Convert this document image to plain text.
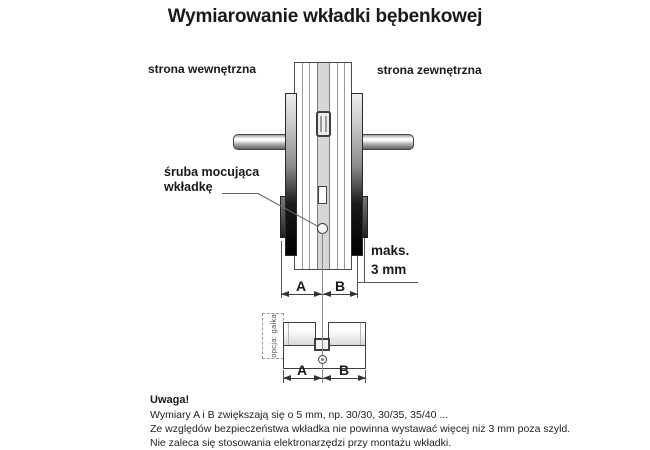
Wymiarowanie wkładki bębenkowej
strona wewnętrzna	strona zewnętrzna
śruba mocująca
wkładkę
maks.
3 mm
A B
opcja: gałka
A B
Uwaga!
Wymiary A i B zwiększają się o 5 mm, np. 30/30, 30/35, 35/40 ...
Ze względów bezpieczeństwa wkładka nie powinna wystawać więcej niż 3 mm poza szyld.
Nie zaleca się stosowania elektronarzędzi przy montażu wkładki.
